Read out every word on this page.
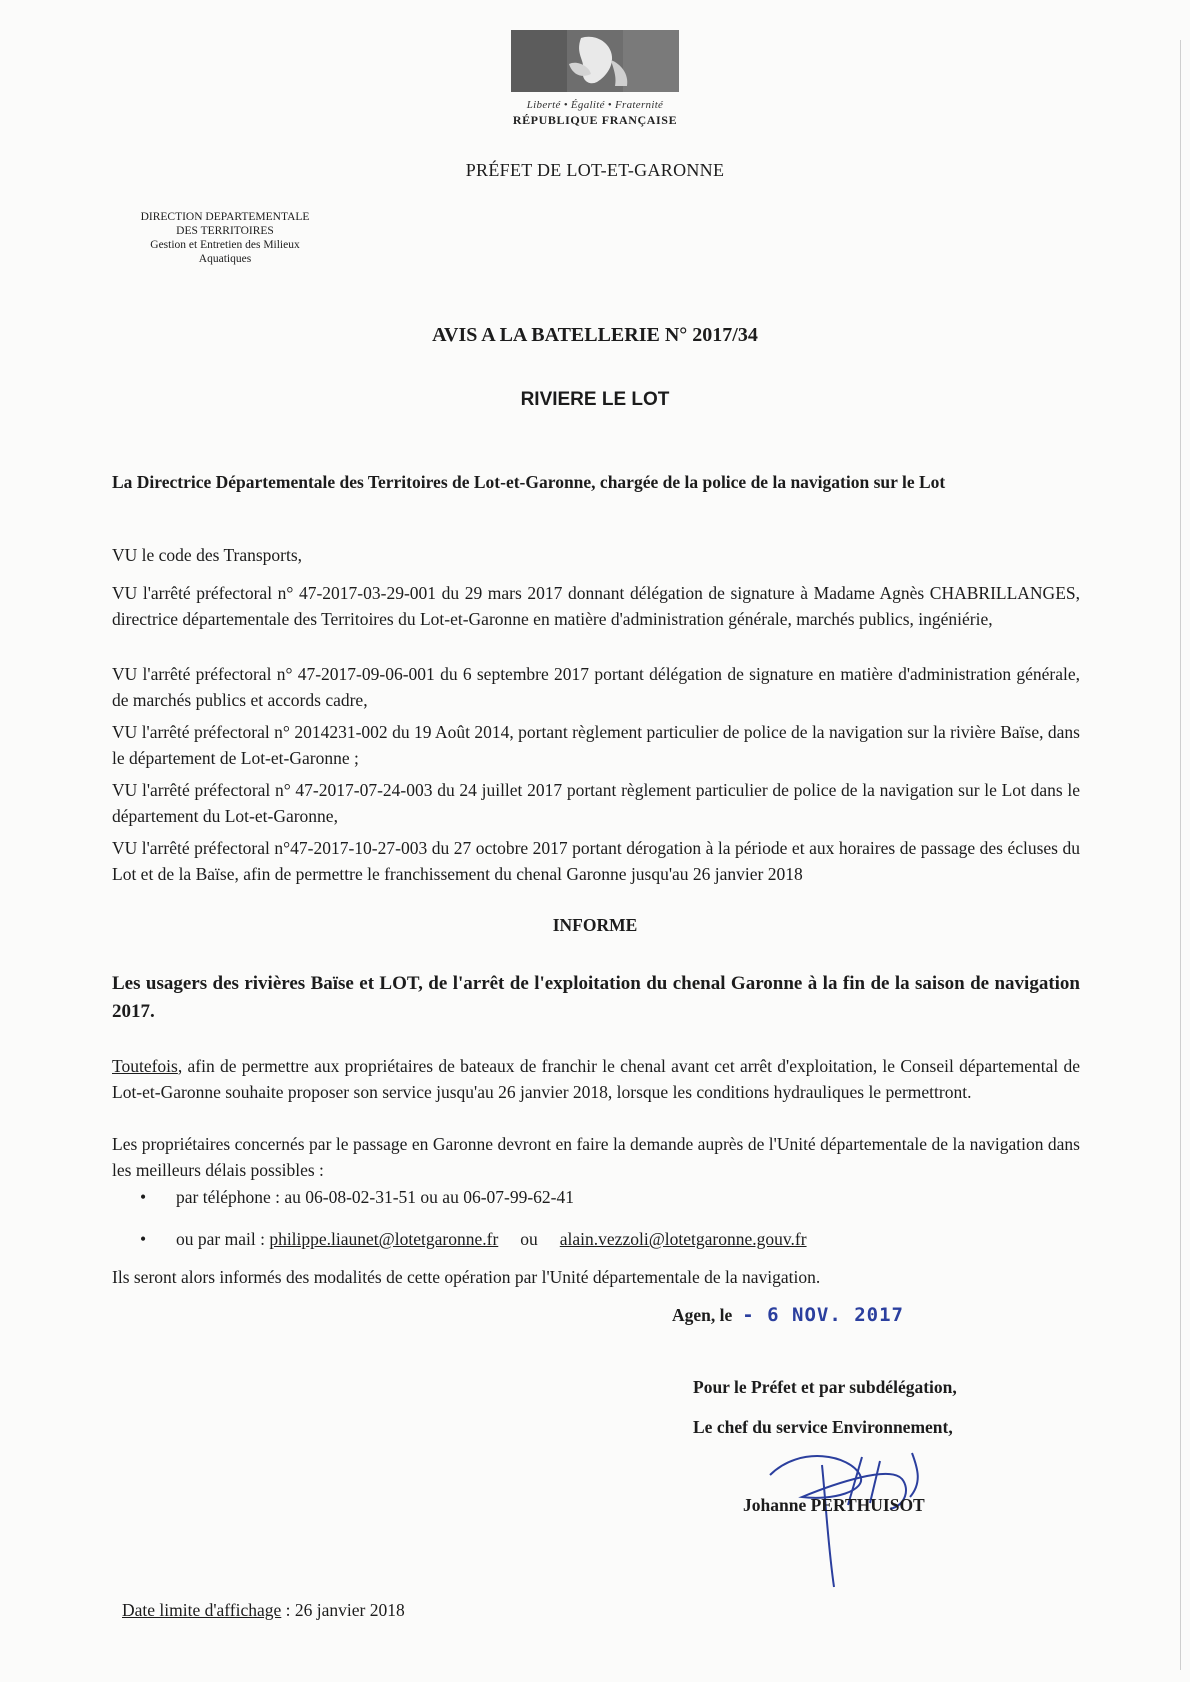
Liberté • Égalité • Fraternité
RÉPUBLIQUE FRANÇAISE
PRÉFET DE LOT-ET-GARONNE
DIRECTION DEPARTEMENTALE
DES TERRITOIRES
Gestion et Entretien des Milieux
Aquatiques
AVIS A LA BATELLERIE N° 2017/34
RIVIERE LE LOT
La Directrice Départementale des Territoires de Lot-et-Garonne, chargée de la police de la navigation sur le Lot
VU le code des Transports,
VU l'arrêté préfectoral n° 47-2017-03-29-001 du 29 mars 2017 donnant délégation de signature à Madame Agnès CHABRILLANGES, directrice départementale des Territoires du Lot-et-Garonne en matière d'administration générale, marchés publics, ingéniérie,
VU l'arrêté préfectoral n° 47-2017-09-06-001 du 6 septembre 2017 portant délégation de signature en matière d'administration générale, de marchés publics et accords cadre,
VU l'arrêté préfectoral n° 2014231-002 du 19 Août 2014, portant règlement particulier de police de la navigation sur la rivière Baïse, dans le département de Lot-et-Garonne ;
VU l'arrêté préfectoral n° 47-2017-07-24-003 du 24 juillet 2017 portant règlement particulier de police de la navigation sur le Lot dans le département du Lot-et-Garonne,
VU l'arrêté préfectoral n°47-2017-10-27-003 du 27 octobre 2017 portant dérogation à la période et aux horaires de passage des écluses du Lot et de la Baïse, afin de permettre le franchissement du chenal Garonne jusqu'au 26 janvier 2018
INFORME
Les usagers des rivières Baïse et LOT, de l'arrêt de l'exploitation du chenal Garonne à la fin de la saison de navigation 2017.
Toutefois, afin de permettre aux propriétaires de bateaux de franchir le chenal avant cet arrêt d'exploitation, le Conseil départemental de Lot-et-Garonne souhaite proposer son service jusqu'au 26 janvier 2018, lorsque les conditions hydrauliques le permettront.
Les propriétaires concernés par le passage en Garonne devront en faire la demande auprès de l'Unité départementale de la navigation dans les meilleurs délais possibles :
• par téléphone : au 06-08-02-31-51 ou au 06-07-99-62-41
• ou par mail : philippe.liaunet@lotetgaronne.fr ou alain.vezzoli@lotetgaronne.gouv.fr
Ils seront alors informés des modalités de cette opération par l'Unité départementale de la navigation.
Agen, le - 6 NOV. 2017
Pour le Préfet et par subdélégation,
Le chef du service Environnement,
Johanne PERTHUISOT
Date limite d'affichage : 26 janvier 2018
